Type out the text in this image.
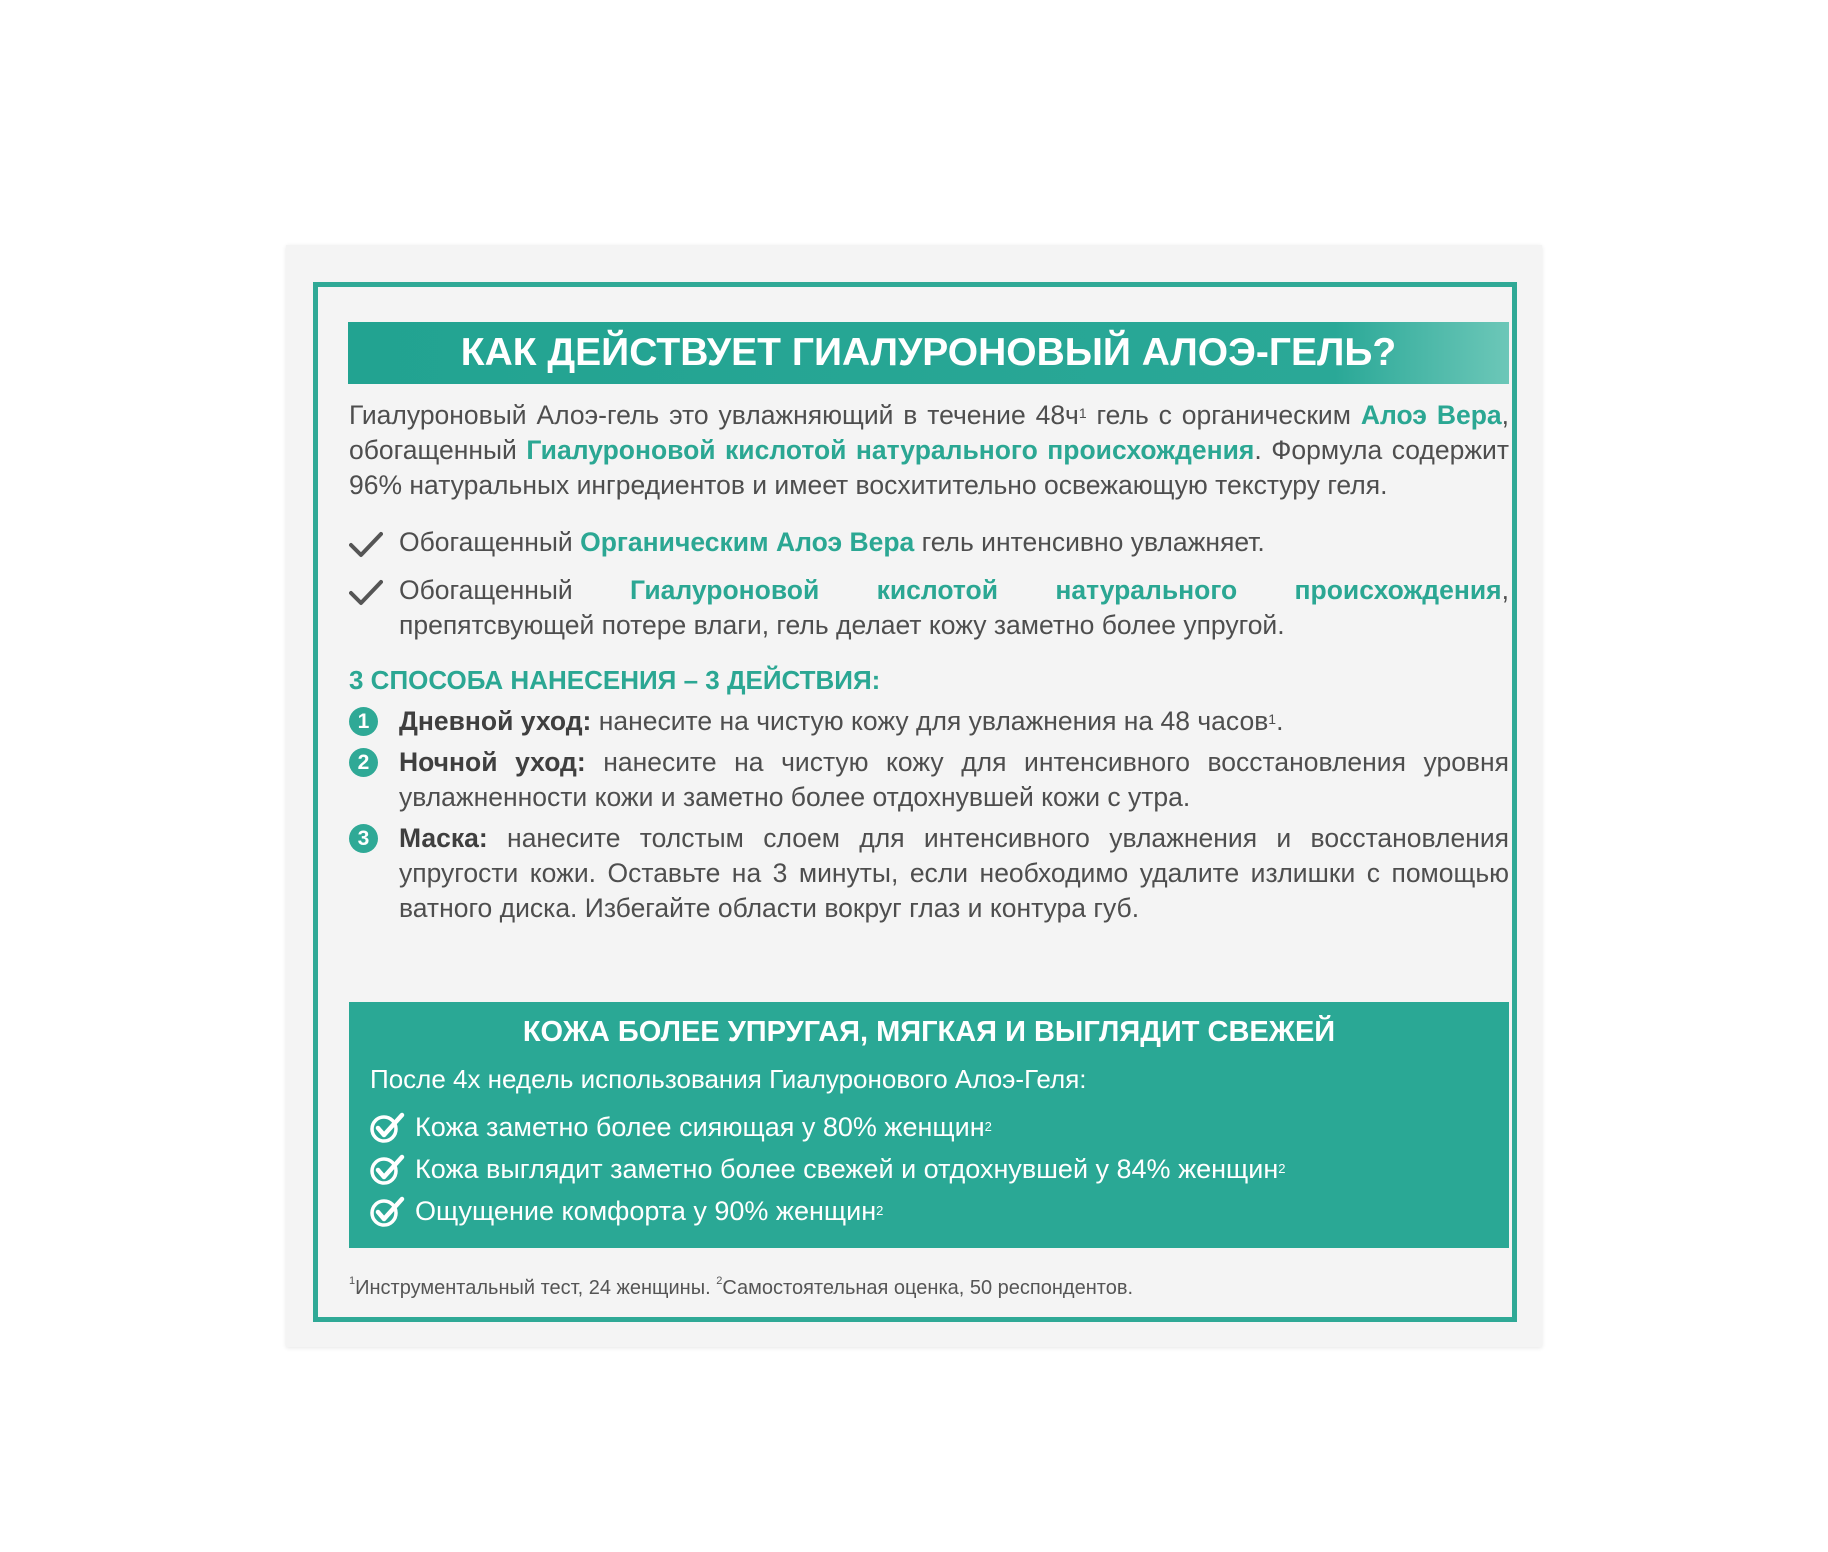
КАК ДЕЙСТВУЕТ ГИАЛУРОНОВЫЙ АЛОЭ-ГЕЛЬ?

Гиалуроновый Алоэ-гель это увлажняющий в течение $48ч^1$ гель с органическим Алоэ Вера, обогащенный Гиалуроновой кислотой натурального происхождения. Формула содержит 96% натуральных ингредиентов и имеет восхитительно освежающую текстуру геля.

Обогащенный Органическим Алоэ Вера гель интенсивно увлажняет.
Обогащенный Гиалуроновой кислотой натурального происхождения, препятсвующей потере влаги, гель делает кожу заметно более упругой.
3 СПОСОБА НАНЕСЕНИЯ – 3 ДЕЙСТВИЯ:
1	Дневной уход: нанесите на чистую кожу для увлажнения на 48 часов$^1$.
2	Ночной уход: нанесите на чистую кожу для интенсивного восстановления уровня увлажненности кожи и заметно более отдохнувшей кожи с утра.
3	Маска: нанесите толстым слоем для интенсивного увлажнения и восстановления упругости кожи. Оставьте на 3 минуты, если необходимо удалите излишки с помощью ватного диска. Избегайте области вокруг глаз и контура губ.
КОЖА БОЛЕЕ УПРУГАЯ, МЯГКАЯ И ВЫГЛЯДИТ СВЕЖЕЙ
После 4х недель использования Гиалуронового Алоэ-Геля:
Кожа заметно более сияющая у 80% женщин$^2$
Кожа выглядит заметно более свежей и отдохнувшей у 84% женщин$^2$
Ощущение комфорта у 90% женщин$^2$
$^1$Инструментальный тест, 24 женщины. $^2$Самостоятельная оценка, 50 респондентов.
